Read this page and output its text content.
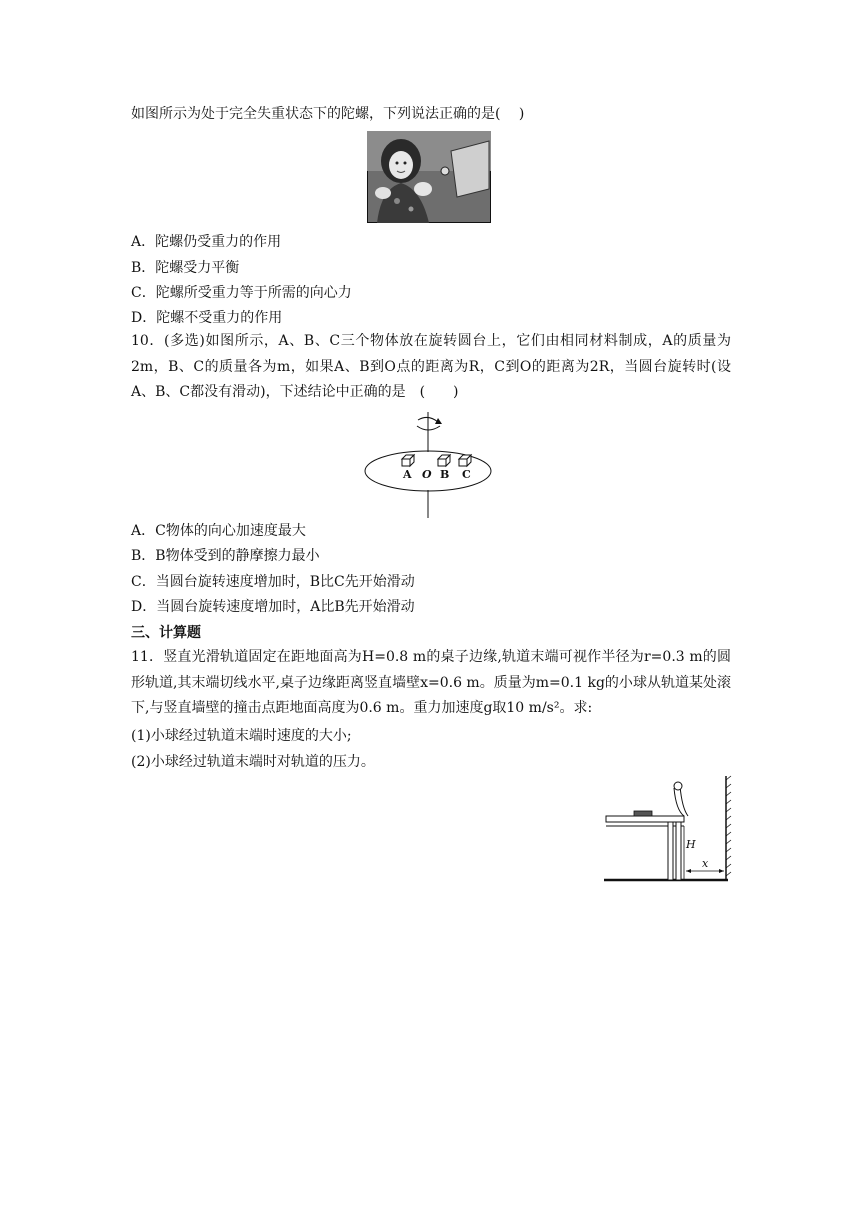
如图所示为处于完全失重状态下的陀螺，下列说法正确的是(　 )
A．陀螺仍受重力的作用
B．陀螺受力平衡
C．陀螺所受重力等于所需的向心力
D．陀螺不受重力的作用
10．(多选)如图所示，A、B、C三个物体放在旋转圆台上，它们由相同材料制成，A的质量为2m，B、C的质量各为m，如果A、B到O点的距离为R，C到O的距离为2R，当圆台旋转时(设A、B、C都没有滑动)，下述结论中正确的是　(　　)
A O B C
A．C物体的向心加速度最大
B．B物体受到的静摩擦力最小
C．当圆台旋转速度增加时，B比C先开始滑动
D．当圆台旋转速度增加时，A比B先开始滑动
三、计算题
11．竖直光滑轨道固定在距地面高为H=0.8 m的桌子边缘,轨道末端可视作半径为r=0.3 m的圆形轨道,其末端切线水平,桌子边缘距离竖直墙壁x=0.6 m。质量为m=0.1 kg的小球从轨道某处滚下,与竖直墙壁的撞击点距地面高度为0.6 m。重力加速度g取10 m/s²。求:
(1)小球经过轨道末端时速度的大小;
(2)小球经过轨道末端时对轨道的压力。
H
x
